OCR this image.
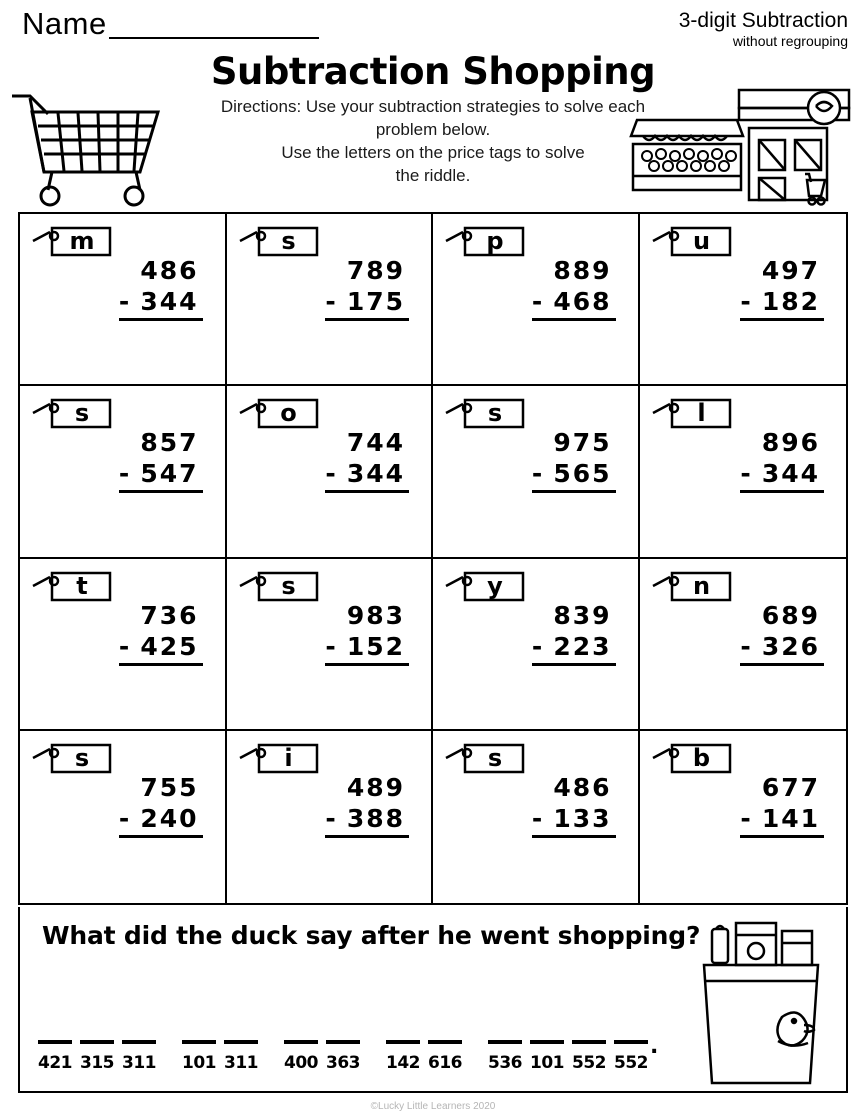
Name	3-digit Subtraction
without regrouping
Subtraction Shopping
Directions: Use your subtraction strategies to solve each
problem below.
Use the letters on the price tags to solve
the riddle.
m
486
- 344
s
789
- 175
p
889
- 468
u
497
- 182
s
857
- 547
o
744
- 344
s
975
- 565
l
896
- 344
t
736
- 425
s
983
- 152
y
839
- 223
n
689
- 326
s
755
- 240
i
489
- 388
s
486
- 133
b
677
- 141
What did the duck say after he went shopping?
421 315 311 101 311 400 363 142 616 536 101 552 552
.
©Lucky Little Learners 2020
